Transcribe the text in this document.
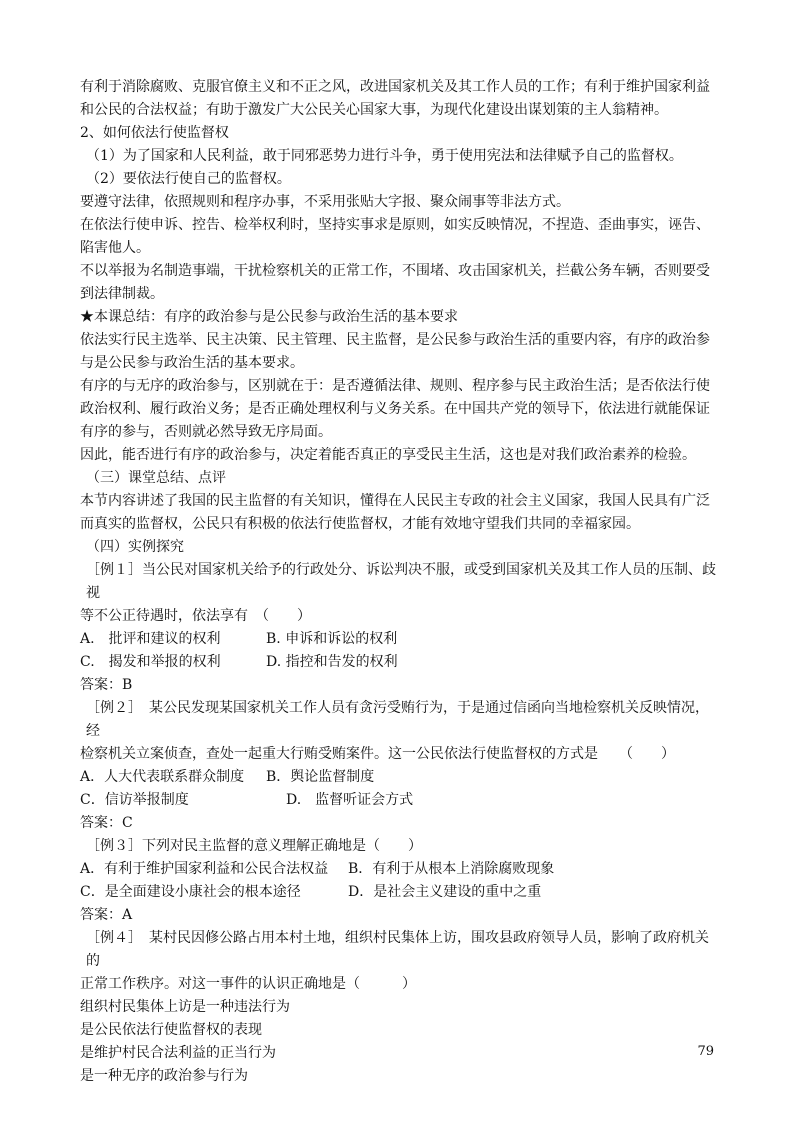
有利于消除腐败、克服官僚主义和不正之风，改进国家机关及其工作人员的工作；有利于维护国家利益

和公民的合法权益；有助于激发广大公民关心国家大事，为现代化建设出谋划策的主人翁精神。

2、如何依法行使监督权

（1）为了国家和人民利益，敢于同邪恶势力进行斗争，勇于使用宪法和法律赋予自己的监督权。

（2）要依法行使自己的监督权。

要遵守法律，依照规则和程序办事，不采用张贴大字报、聚众闹事等非法方式。

在依法行使申诉、控告、检举权利时，坚持实事求是原则，如实反映情况，不捏造、歪曲事实，诬告、

陷害他人。

不以举报为名制造事端，干扰检察机关的正常工作，不围堵、攻击国家机关，拦截公务车辆，否则要受

到法律制裁。

★本课总结：有序的政治参与是公民参与政治生活的基本要求

依法实行民主选举、民主决策、民主管理、民主监督，是公民参与政治生活的重要内容，有序的政治参

与是公民参与政治生活的基本要求。

有序的与无序的政治参与，区别就在于：是否遵循法律、规则、程序参与民主政治生活；是否依法行使

政治权利、履行政治义务；是否正确处理权利与义务关系。在中国共产党的领导下，依法进行就能保证

有序的参与，否则就必然导致无序局面。

因此，能否进行有序的政治参与，决定着能否真正的享受民主生活，这也是对我们政治素养的检验。

（三）课堂总结、点评

本节内容讲述了我国的民主监督的有关知识，懂得在人民民主专政的社会主义国家，我国人民具有广泛

而真实的监督权，公民只有积极的依法行使监督权，才能有效地守望我们共同的幸福家园。

（四）实例探究

［例１］当公民对国家机关给予的行政处分、诉讼判决不服，或受到国家机关及其工作人员的压制、歧视

等不公正待遇时，依法享有　（　　）

A.　批评和建议的权利	B. 申诉和诉讼的权利
C.　揭发和举报的权利	D. 指控和告发的权利

答案：B

［例２］　某公民发现某国家机关工作人员有贪污受贿行为，于是通过信函向当地检察机关反映情况，经

检察机关立案侦查，查处一起重大行贿受贿案件。这一公民依法行使监督权的方式是　　（　　）

A．人大代表联系群众制度	B．舆论监督制度
C．信访举报制度	D.　监督听证会方式

答案：C

［例３］下列对民主监督的意义理解正确地是（　　）

A．有利于维护国家利益和公民合法权益	B．有利于从根本上消除腐败现象
C．是全面建设小康社会的根本途径	D．是社会主义建设的重中之重

答案：A

［例４］　某村民因修公路占用本村土地，组织村民集体上访，围攻县政府领导人员，影响了政府机关的

正常工作秩序。对这一事件的认识正确地是（　　　）

组织村民集体上访是一种违法行为

是公民依法行使监督权的表现

是维护村民合法利益的正当行为

是一种无序的政治参与行为

79
